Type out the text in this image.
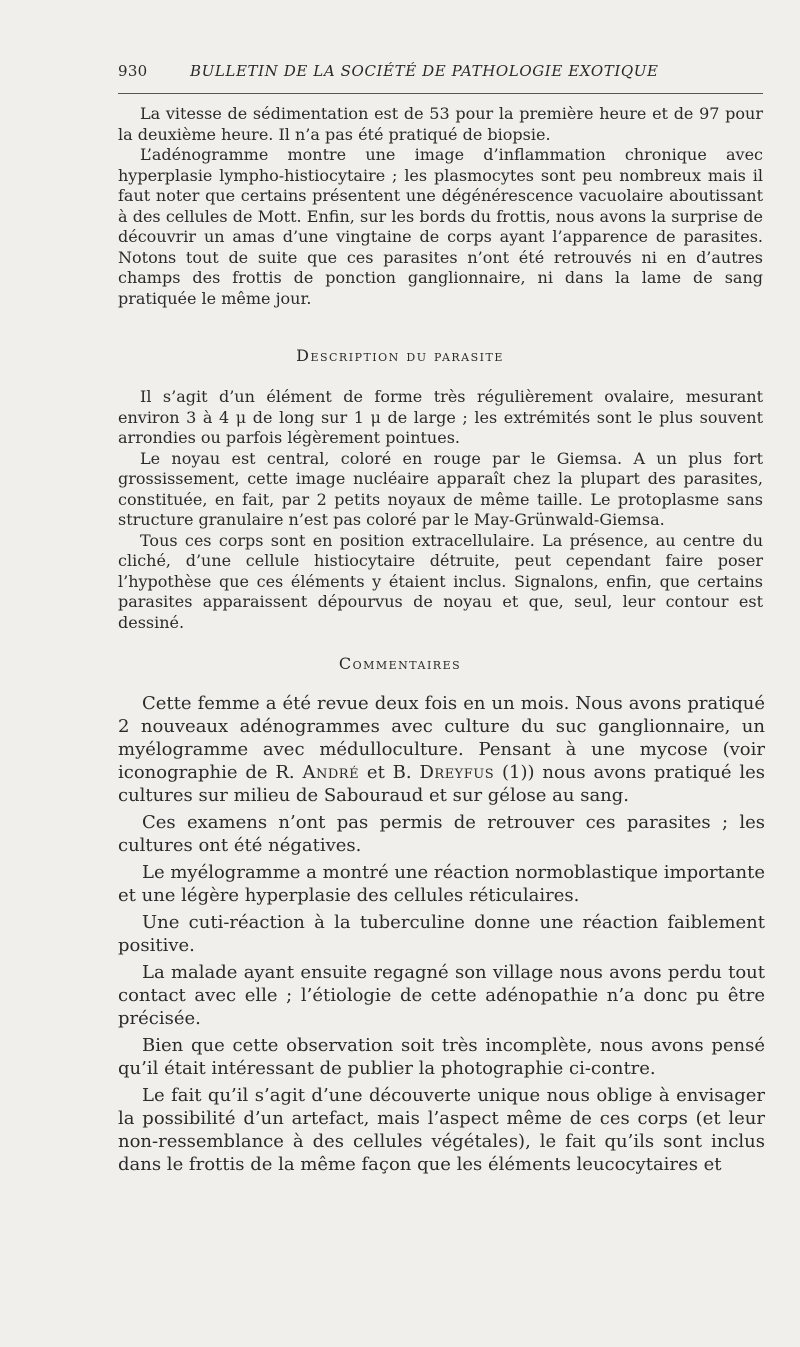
930	BULLETIN DE LA SOCIÉTÉ DE PATHOLOGIE EXOTIQUE

La vitesse de sédimentation est de 53 pour la première heure et de 97 pour la deuxième heure. Il n’a pas été pratiqué de biopsie.

L’adénogramme montre une image d’inflammation chronique avec hyperplasie lympho-histiocytaire ; les plasmocytes sont peu nombreux mais il faut noter que certains présentent une dégénérescence vacuolaire aboutissant à des cellules de Mott. Enfin, sur les bords du frottis, nous avons la surprise de découvrir un amas d’une vingtaine de corps ayant l’apparence de parasites. Notons tout de suite que ces parasites n’ont été retrouvés ni en d’autres champs des frottis de ponction ganglionnaire, ni dans la lame de sang pratiquée le même jour.

Description du parasite

Il s’agit d’un élément de forme très régulièrement ovalaire, mesurant environ 3 à 4 μ de long sur 1 μ de large ; les extrémités sont le plus souvent arrondies ou parfois légèrement pointues.

Le noyau est central, coloré en rouge par le Giemsa. A un plus fort grossissement, cette image nucléaire apparaît chez la plupart des parasites, constituée, en fait, par 2 petits noyaux de même taille. Le protoplasme sans structure granulaire n’est pas coloré par le May-Grünwald-Giemsa.

Tous ces corps sont en position extracellulaire. La présence, au centre du cliché, d’une cellule histiocytaire détruite, peut cependant faire poser l’hypothèse que ces éléments y étaient inclus. Signalons, enfin, que certains parasites apparaissent dépourvus de noyau et que, seul, leur contour est dessiné.

Commentaires

Cette femme a été revue deux fois en un mois. Nous avons pratiqué 2 nouveaux adénogrammes avec culture du suc ganglionnaire, un myélogramme avec médulloculture. Pensant à une mycose (voir iconographie de R. André et B. Dreyfus (1)) nous avons pratiqué les cultures sur milieu de Sabouraud et sur gélose au sang.

Ces examens n’ont pas permis de retrouver ces parasites ; les cultures ont été négatives.

Le myélogramme a montré une réaction normoblastique importante et une légère hyperplasie des cellules réticulaires.

Une cuti-réaction à la tuberculine donne une réaction faiblement positive.

La malade ayant ensuite regagné son village nous avons perdu tout contact avec elle ; l’étiologie de cette adénopathie n’a donc pu être précisée.

Bien que cette observation soit très incomplète, nous avons pensé qu’il était intéressant de publier la photographie ci-contre.

Le fait qu’il s’agit d’une découverte unique nous oblige à envisager la possibilité d’un artefact, mais l’aspect même de ces corps (et leur non-ressemblance à des cellules végétales), le fait qu’ils sont inclus dans le frottis de la même façon que les éléments leucocytaires et
